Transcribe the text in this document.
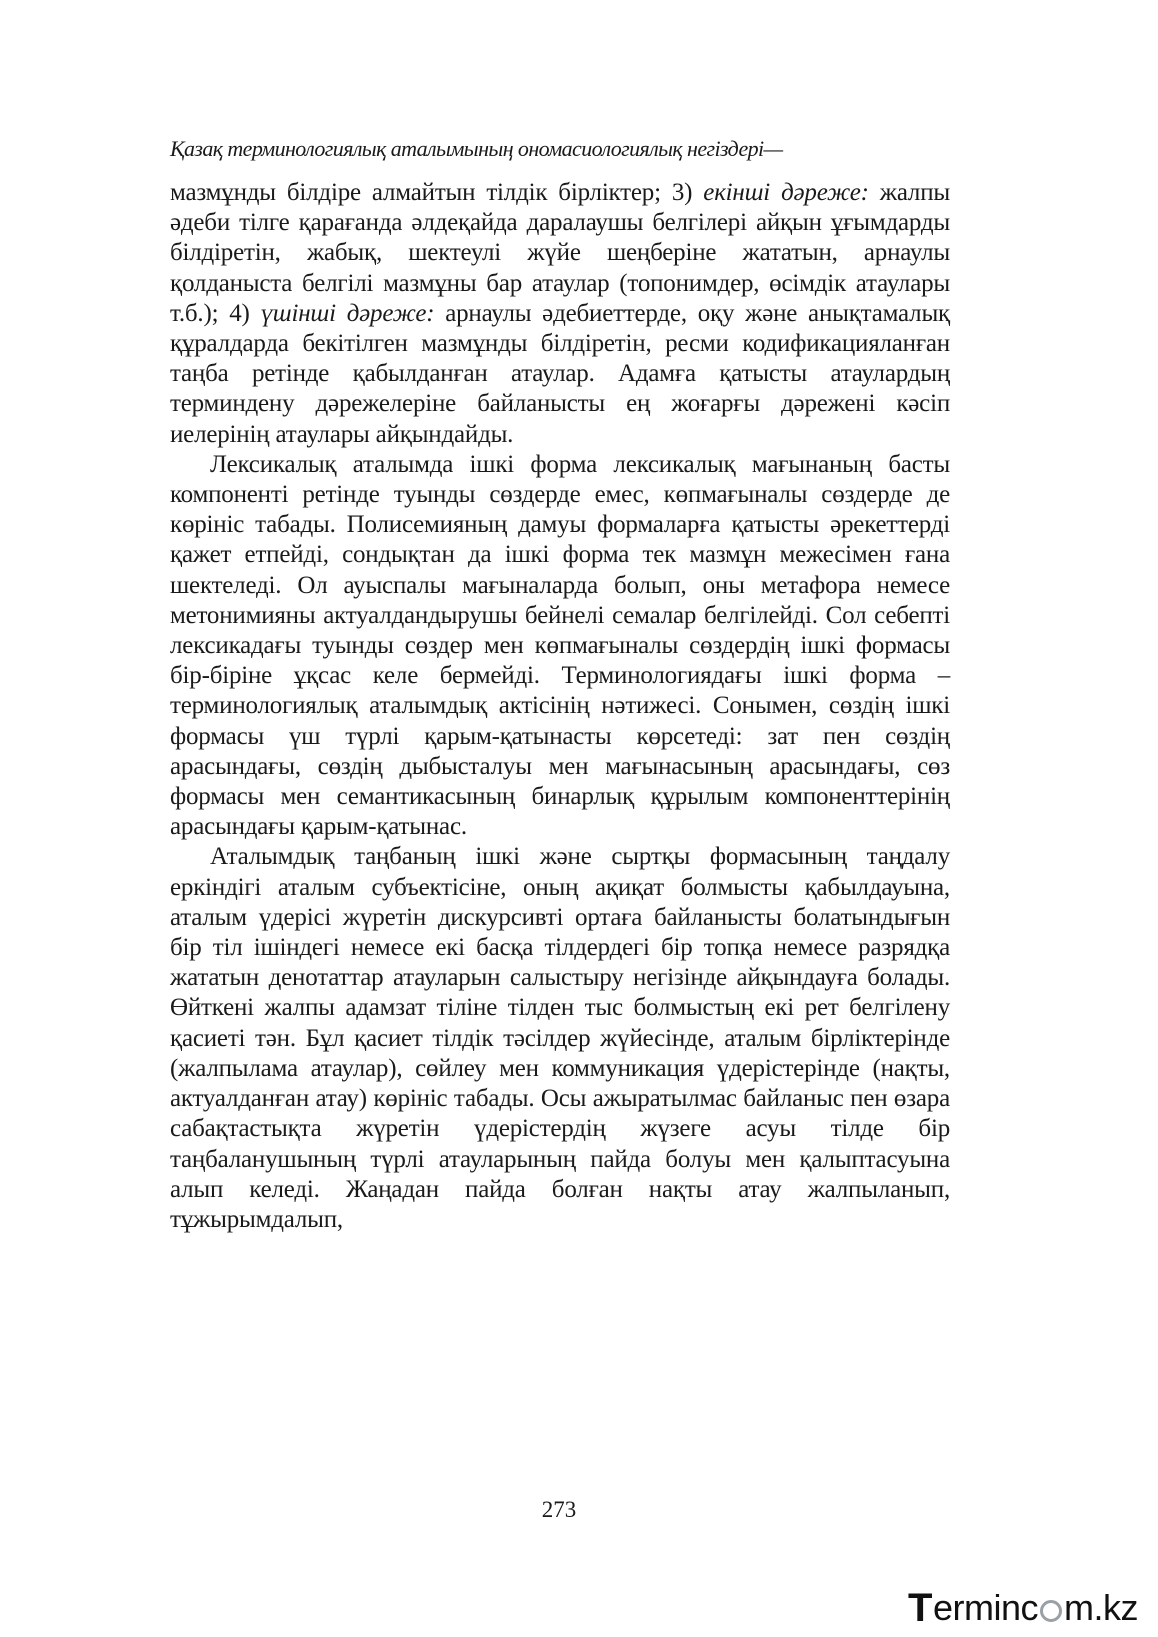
Қазақ терминологиялық аталымының ономасиологиялық негіздері—

мазмұнды білдіре алмайтын тілдік бірліктер; 3) екінші дәреже: жалпы әдеби тілге қарағанда әлдеқайда даралаушы белгілері айқын ұғымдарды білдіретін, жабық, шектеулі жүйе шеңберіне жататын, арнаулы қолданыста белгілі мазмұны бар атаулар (топонимдер, өсімдік атаулары т.б.); 4) үшінші дәреже: арнаулы әдебиеттерде, оқу және анықтамалық құралдарда бекітілген мазмұнды білдіретін, ресми кодификацияланған таңба ретінде қабылданған атаулар. Адамға қатысты атаулардың терминдену дәрежелеріне байланысты ең жоғарғы дәрежені кәсіп иелерінің атаулары айқындайды.

Лексикалық аталымда ішкі форма лексикалық мағынаның басты компоненті ретінде туынды сөздерде емес, көпмағыналы сөздерде де көрініс табады. Полисемияның дамуы формаларға қатысты әрекеттерді қажет етпейді, сондықтан да ішкі форма тек мазмұн межесімен ғана шектеледі. Ол ауыспалы мағыналарда болып, оны метафора немесе метонимияны актуалдандырушы бейнелі семалар белгілейді. Сол себепті лексикадағы туынды сөздер мен көпмағыналы сөздердің ішкі формасы бір-біріне ұқсас келе бермейді. Терминологиядағы ішкі форма – терминологиялық аталымдық актісінің нәтижесі. Сонымен, сөздің ішкі формасы үш түрлі қарым-қатынасты көрсетеді: зат пен сөздің арасындағы, сөздің дыбысталуы мен мағынасының арасындағы, сөз формасы мен семантикасының бинарлық құрылым компоненттерінің арасындағы қарым-қатынас.

Аталымдық таңбаның ішкі және сыртқы формасының таңдалу еркіндігі аталым субъектісіне, оның ақиқат болмысты қабылдауына, аталым үдерісі жүретін дискурсивті ортаға байланысты болатындығын бір тіл ішіндегі немесе екі басқа тілдердегі бір топқа немесе разрядқа жататын денотаттар атауларын салыстыру негізінде айқындауға болады. Өйткені жалпы адамзат тіліне тілден тыс болмыстың екі рет белгілену қасиеті тән. Бұл қасиет тілдік тәсілдер жүйесінде, аталым бірліктерінде (жалпылама атаулар), сөйлеу мен коммуникация үдерістерінде (нақты, актуалданған атау) көрініс табады. Осы ажыратылмас байланыс пен өзара сабақтастықта жүретін үдерістердің жүзеге асуы тілде бір таңбаланушының түрлі атауларының пайда болуы мен қалыптасуына алып келеді. Жаңадан пайда болған нақты атау жалпыланып, тұжырымдалып,

273
T erminc m.kz
